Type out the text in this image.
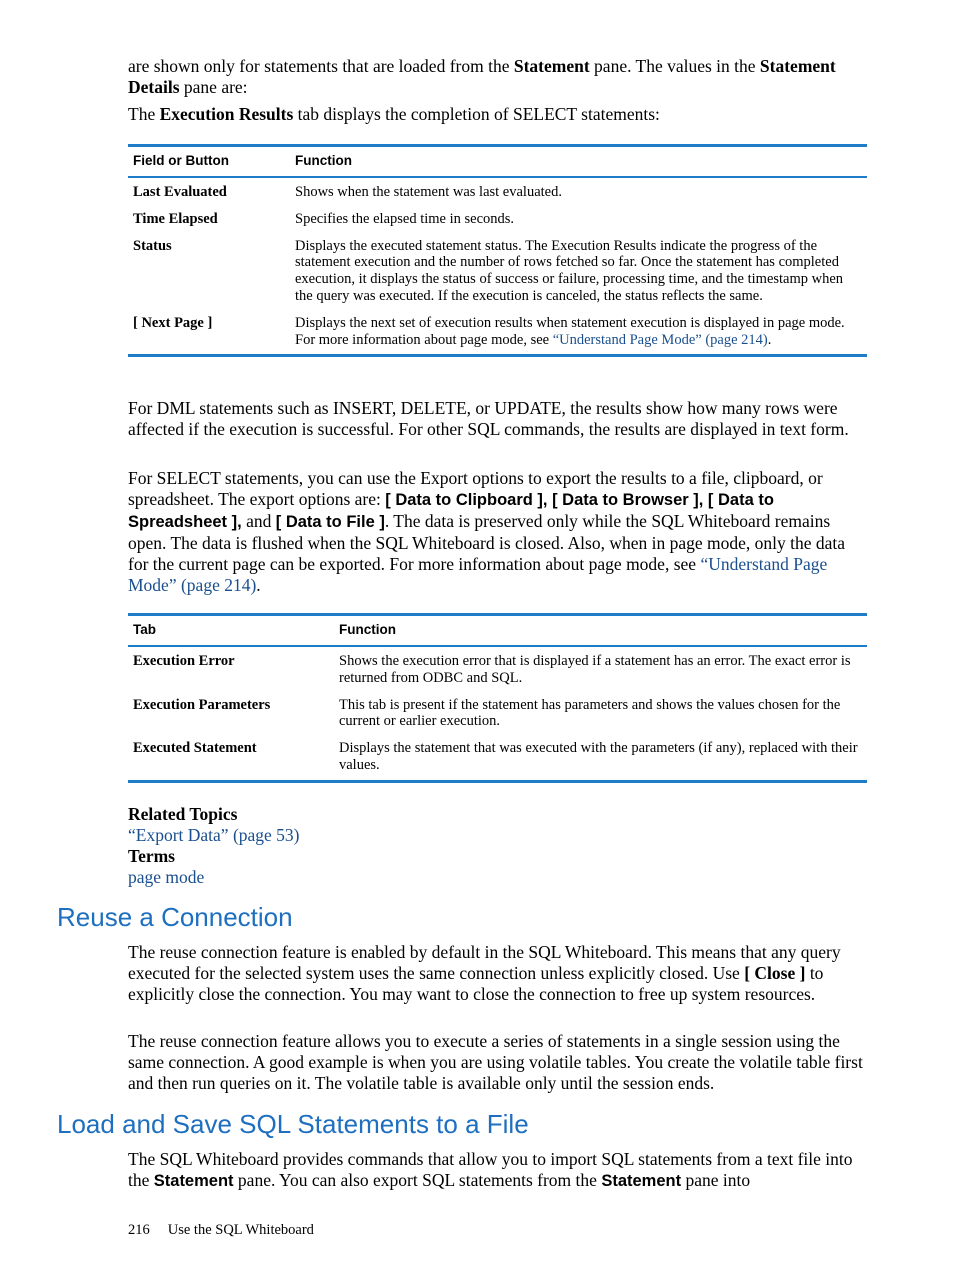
are shown only for statements that are loaded from the Statement pane. The values in the Statement Details pane are:

The Execution Results tab displays the completion of SELECT statements:

Field or Button	Function
Last Evaluated	Shows when the statement was last evaluated.
Time Elapsed	Specifies the elapsed time in seconds.
Status	Displays the executed statement status. The Execution Results indicate the progress of the statement execution and the number of rows fetched so far. Once the statement has completed execution, it displays the status of success or failure, processing time, and the timestamp when the query was executed. If the execution is canceled, the status reflects the same.
[ Next Page ]	Displays the next set of execution results when statement execution is displayed in page mode. For more information about page mode, see “Understand Page Mode” (page 214).

For DML statements such as INSERT, DELETE, or UPDATE, the results show how many rows were affected if the execution is successful. For other SQL commands, the results are displayed in text form.

For SELECT statements, you can use the Export options to export the results to a file, clipboard, or spreadsheet. The export options are: [ Data to Clipboard ], [ Data to Browser ], [ Data to Spreadsheet ], and [ Data to File ]. The data is preserved only while the SQL Whiteboard remains open. The data is flushed when the SQL Whiteboard is closed. Also, when in page mode, only the data for the current page can be exported. For more information about page mode, see “Understand Page Mode” (page 214).

Tab	Function
Execution Error	Shows the execution error that is displayed if a statement has an error. The exact error is returned from ODBC and SQL.
Execution Parameters	This tab is present if the statement has parameters and shows the values chosen for the current or earlier execution.
Executed Statement	Displays the statement that was executed with the parameters (if any), replaced with their values.
Related Topics
“Export Data” (page 53)
Terms
page mode
Reuse a Connection

The reuse connection feature is enabled by default in the SQL Whiteboard. This means that any query executed for the selected system uses the same connection unless explicitly closed. Use [ Close ] to explicitly close the connection. You may want to close the connection to free up system resources.

The reuse connection feature allows you to execute a series of statements in a single session using the same connection. A good example is when you are using volatile tables. You create the volatile table first and then run queries on it. The volatile table is available only until the session ends.

Load and Save SQL Statements to a File

The SQL Whiteboard provides commands that allow you to import SQL statements from a text file into the Statement pane. You can also export SQL statements from the Statement pane into

216 Use the SQL Whiteboard
